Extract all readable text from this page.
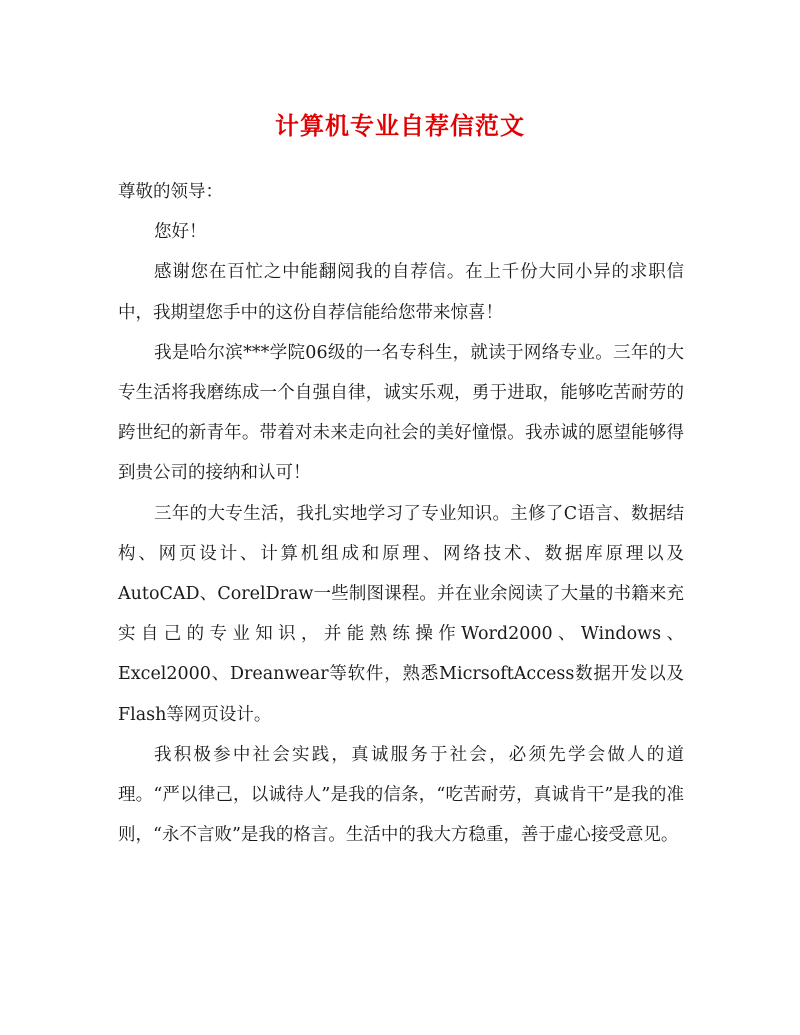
计算机专业自荐信范文

尊敬的领导：

您好！

感谢您在百忙之中能翻阅我的自荐信。在上千份大同小异的求职信中，我期望您手中的这份自荐信能给您带来惊喜！

我是哈尔滨***学院06级的一名专科生，就读于网络专业。三年的大专生活将我磨练成一个自强自律，诚实乐观，勇于进取，能够吃苦耐劳的跨世纪的新青年。带着对未来走向社会的美好憧憬。我赤诚的愿望能够得到贵公司的接纳和认可！

三年的大专生活，我扎实地学习了专业知识。主修了C语言、数据结构、网页设计、计算机组成和原理、网络技术、数据库原理以及AutoCAD、CorelDraw一些制图课程。并在业余阅读了大量的书籍来充实自己的专业知识，并能熟练操作Word2000、Windows、Excel2000、Dreanwear等软件，熟悉MicrsoftAccess数据开发以及Flash等网页设计。

我积极参中社会实践，真诚服务于社会，必须先学会做人的道理。“严以律己，以诚待人”是我的信条，“吃苦耐劳，真诚肯干”是我的准则，“永不言败”是我的格言。生活中的我大方稳重，善于虚心接受意见。
